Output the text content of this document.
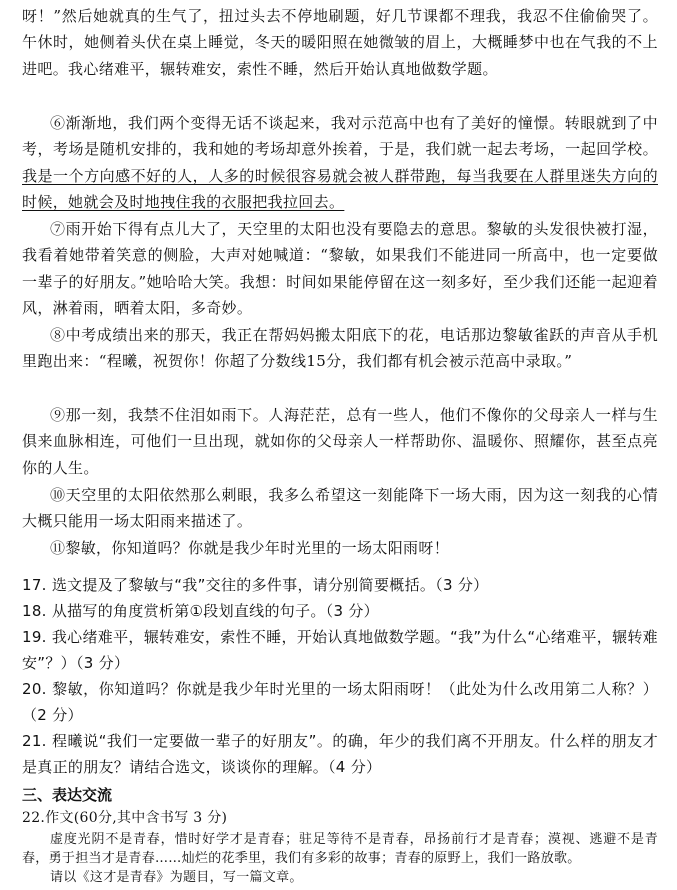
呀！”然后她就真的生气了，扭过头去不停地刷题，好几节课都不理我，我忍不住偷偷哭了。午休时，她侧着头伏在桌上睡觉，冬天的暖阳照在她微皱的眉上，大概睡梦中也在气我的不上进吧。我心绪难平，辗转难安，索性不睡，然后开始认真地做数学题。

⑥渐渐地，我们两个变得无话不谈起来，我对示范高中也有了美好的憧憬。转眼就到了中考，考场是随机安排的，我和她的考场却意外挨着，于是，我们就一起去考场，一起回学校。我是一个方向感不好的人，人多的时候很容易就会被人群带跑，每当我要在人群里迷失方向的时候，她就会及时地拽住我的衣服把我拉回去。

⑦雨开始下得有点儿大了，天空里的太阳也没有要隐去的意思。黎敏的头发很快被打湿，我看着她带着笑意的侧脸，大声对她喊道：“黎敏，如果我们不能进同一所高中，也一定要做一辈子的好朋友。”她哈哈大笑。我想：时间如果能停留在这一刻多好，至少我们还能一起迎着风，淋着雨，晒着太阳，多奇妙。

⑧中考成绩出来的那天，我正在帮妈妈搬太阳底下的花，电话那边黎敏雀跃的声音从手机里跑出来：“程曦，祝贺你！你超了分数线15分，我们都有机会被示范高中录取。”

⑨那一刻，我禁不住泪如雨下。人海茫茫，总有一些人，他们不像你的父母亲人一样与生俱来血脉相连，可他们一旦出现，就如你的父母亲人一样帮助你、温暖你、照耀你，甚至点亮你的人生。

⑩天空里的太阳依然那么刺眼，我多么希望这一刻能降下一场大雨，因为这一刻我的心情大概只能用一场太阳雨来描述了。

⑪黎敏，你知道吗？你就是我少年时光里的一场太阳雨呀！

17. 选文提及了黎敏与“我”交往的多件事，请分别简要概括。（3 分）

18. 从描写的角度赏析第①段划直线的句子。（3 分）

19. 我心绪难平，辗转难安，索性不睡，开始认真地做数学题。“我”为什么“心绪难平，辗转难安”？）（3 分）

20. 黎敏，你知道吗？你就是我少年时光里的一场太阳雨呀！（此处为什么改用第二人称？）（2 分）

21. 程曦说“我们一定要做一辈子的好朋友”。的确，年少的我们离不开朋友。什么样的朋友才是真正的朋友？请结合选文，谈谈你的理解。（4 分）

三、表达交流

22.作文(60分,其中含书写 3 分)

虚度光阴不是青春，惜时好学才是青春；驻足等待不是青春，昂扬前行才是青春；漠视、逃避不是青春，勇于担当才是青春……灿烂的花季里，我们有多彩的故事；青春的原野上，我们一路放歌。

请以《这才是青春》为题目，写一篇文章。
